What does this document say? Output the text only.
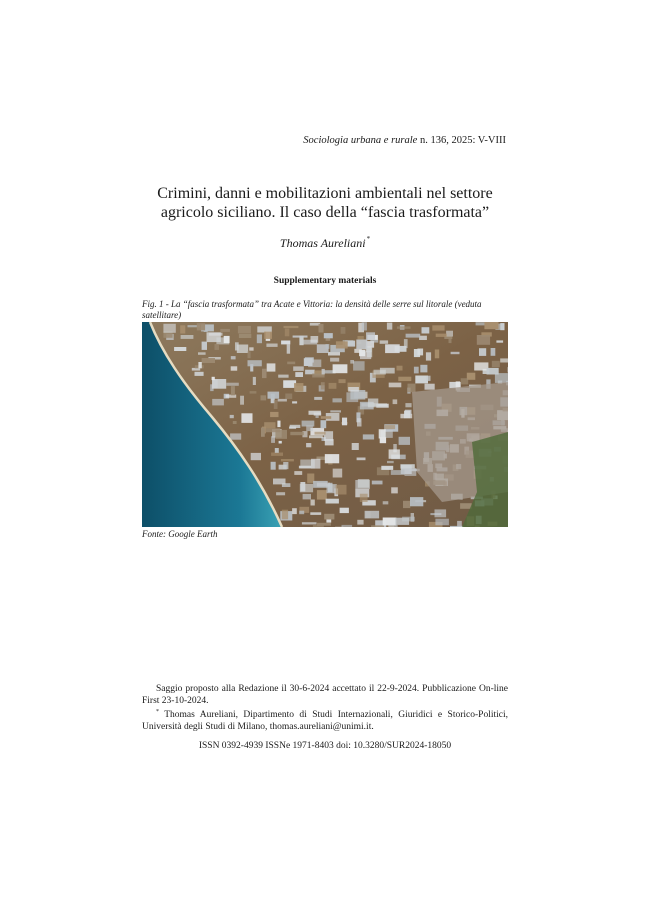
Sociologia urbana e rurale n. 136, 2025: V-VIII
Crimini, danni e mobilitazioni ambientali nel settore
agricolo siciliano. Il caso della “fascia trasformata”
Thomas Aureliani*
Supplementary materials
Fig. 1 - La “fascia trasformata” tra Acate e Vittoria: la densità delle serre sul litorale (veduta satellitare)
Fonte: Google Earth

Saggio proposto alla Redazione il 30-6-2024 accettato il 22-9-2024. Pubblicazione On-line First 23-10-2024.

* Thomas Aureliani, Dipartimento di Studi Internazionali, Giuridici e Storico-Politici, Università degli Studi di Milano, thomas.aureliani@unimi.it.

ISSN 0392-4939 ISSNe 1971-8403 doi: 10.3280/SUR2024-18050
